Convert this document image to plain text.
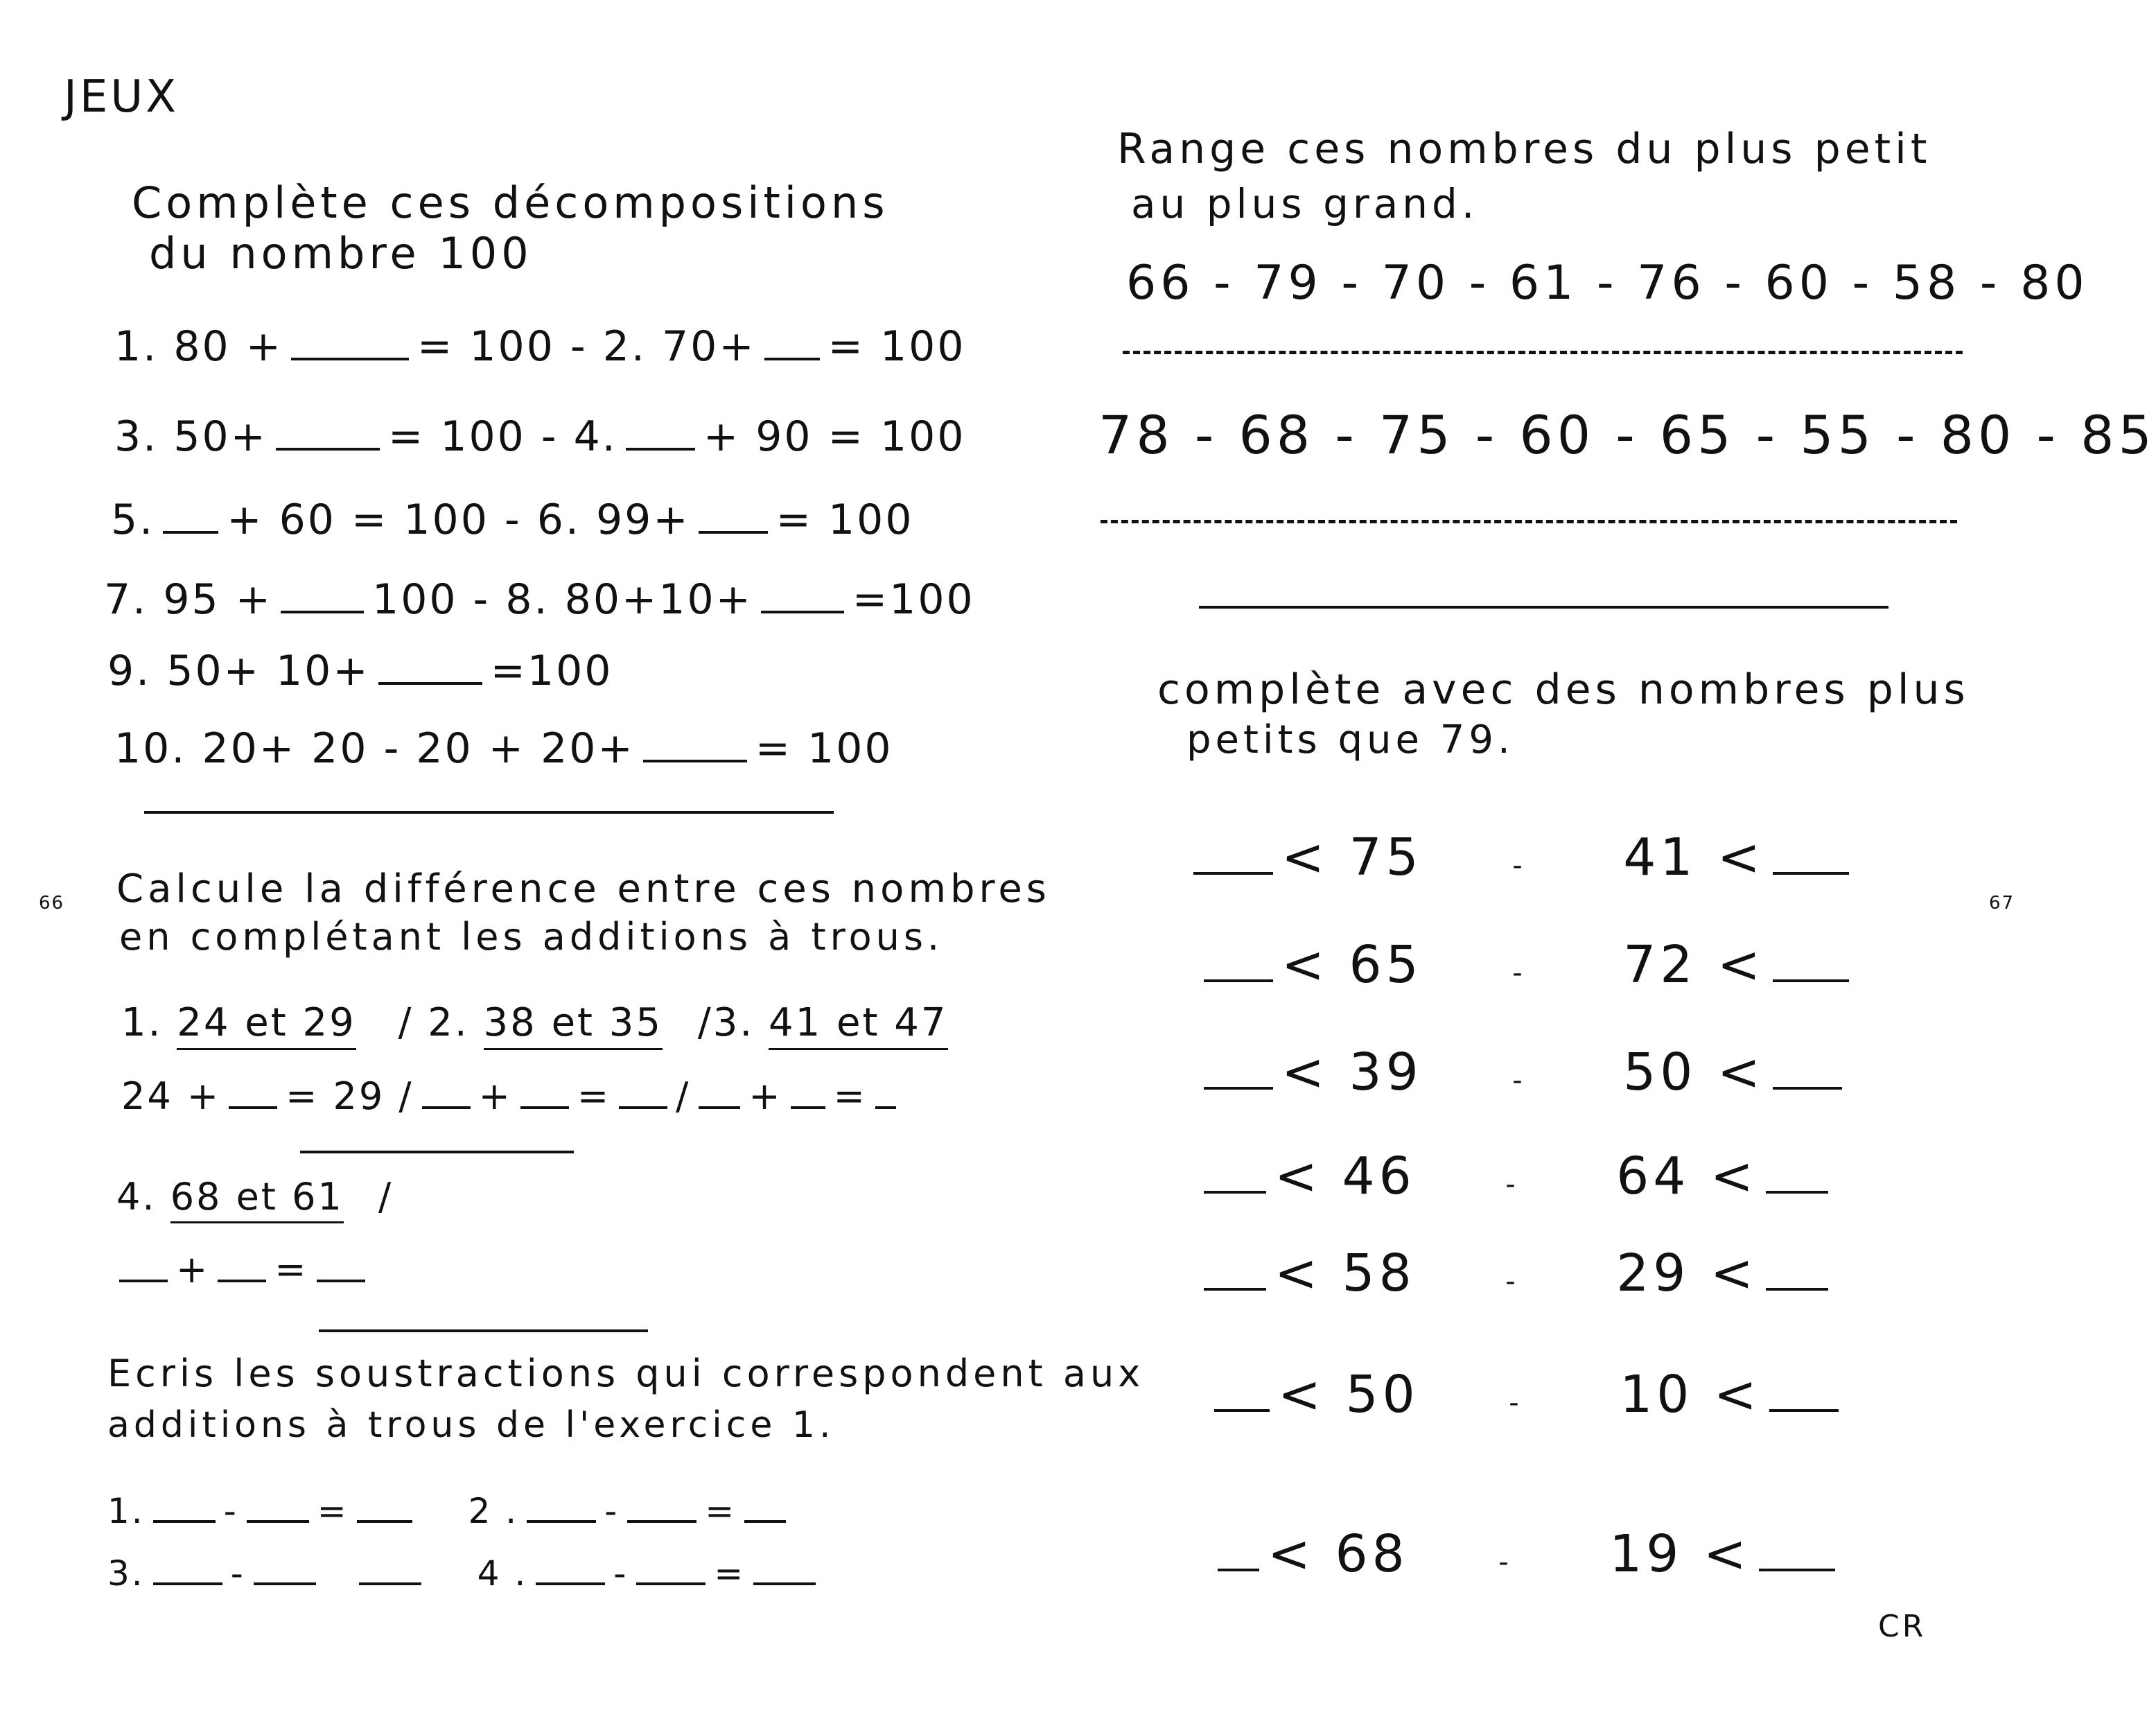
JEUX
66	67
Complète ces décompositions
du nombre 100
1. 80 +	= 100 - 2. 70+ = 100
3. 50+	= 100 - 4. + 90 = 100
5. + 60 = 100 - 6. 99+ = 100
7. 95 + 100 - 8. 80+10+ =100
9. 50+ 10+	=100
10. 20+ 20 - 20 + 20+	= 100
Calcule la différence entre ces nombres
en complétant les additions à trous.
1. 24 et 29 / 2. 38 et 35 /3. 41 et 47
24 + = 29 / + = / + =
4. 68 et 61 /
+ =
Ecris les soustractions qui correspondent aux
additions à trous de l'exercice 1.
1. - =	2 . - =
3. -	4 . - =
Range ces nombres du plus petit
au plus grand.
66 - 79 - 70 - 61 - 76 - 60 - 58 - 80
78 - 68 - 75 - 60 - 65 - 55 - 80 - 85
complète avec des nombres plus
petits que 79.
< 75	- 41 <
< 65	- 72 <
< 39	- 50 <
< 46	- 64 <
< 58	- 29 <
< 50	- 10 <
< 68	- 19 <
CR
